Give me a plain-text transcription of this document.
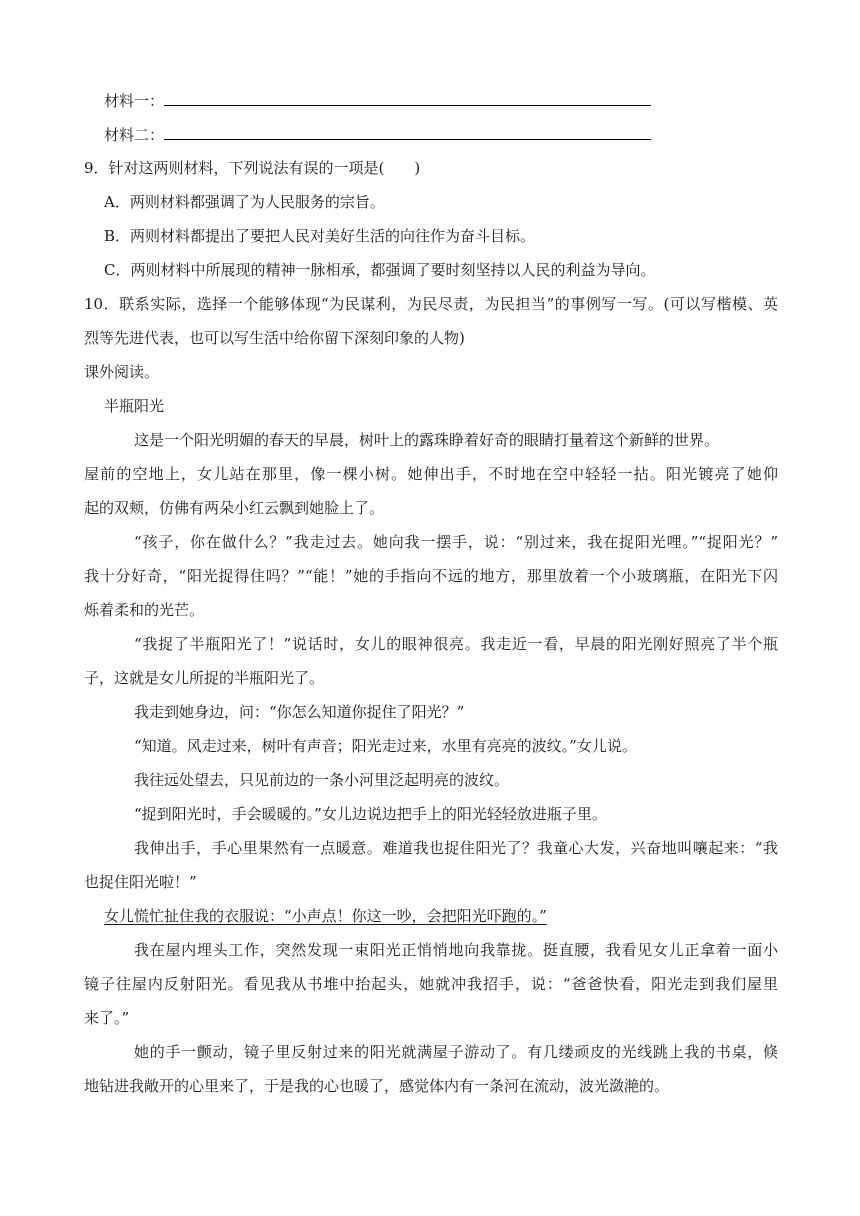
材料一：
材料二：
9．针对这两则材料，下列说法有误的一项是(　　)
A．两则材料都强调了为人民服务的宗旨。
B．两则材料都提出了要把人民对美好生活的向往作为奋斗目标。
C．两则材料中所展现的精神一脉相承，都强调了要时刻坚持以人民的利益为导向。
10．联系实际，选择一个能够体现“为民谋利，为民尽责，为民担当”的事例写一写。(可以写楷模、英
烈等先进代表，也可以写生活中给你留下深刻印象的人物)
课外阅读。
半瓶阳光
这是一个阳光明媚的春天的早晨，树叶上的露珠睁着好奇的眼睛打量着这个新鲜的世界。
屋前的空地上，女儿站在那里，像一棵小树。她伸出手，不时地在空中轻轻一拈。阳光镀亮了她仰
起的双颊，仿佛有两朵小红云飘到她脸上了。
“孩子，你在做什么？”我走过去。她向我一摆手，说：“别过来，我在捉阳光哩。”“捉阳光？”
我十分好奇，“阳光捉得住吗？”“能！”她的手指向不远的地方，那里放着一个小玻璃瓶，在阳光下闪
烁着柔和的光芒。
“我捉了半瓶阳光了！”说话时，女儿的眼神很亮。我走近一看，早晨的阳光刚好照亮了半个瓶
子，这就是女儿所捉的半瓶阳光了。
我走到她身边，问：“你怎么知道你捉住了阳光？”
“知道。风走过来，树叶有声音；阳光走过来，水里有亮亮的波纹。”女儿说。
我往远处望去，只见前边的一条小河里泛起明亮的波纹。
“捉到阳光时，手会暖暖的。”女儿边说边把手上的阳光轻轻放进瓶子里。
我伸出手，手心里果然有一点暖意。难道我也捉住阳光了？我童心大发，兴奋地叫嚷起来：“我
也捉住阳光啦！”
女儿慌忙扯住我的衣服说：“小声点！你这一吵，会把阳光吓跑的。”
我在屋内埋头工作，突然发现一束阳光正悄悄地向我靠拢。挺直腰，我看见女儿正拿着一面小
镜子往屋内反射阳光。看见我从书堆中抬起头，她就冲我招手，说：“爸爸快看，阳光走到我们屋里
来了。”
她的手一颤动，镜子里反射过来的阳光就满屋子游动了。有几缕顽皮的光线跳上我的书桌，倏
地钻进我敞开的心里来了，于是我的心也暖了，感觉体内有一条河在流动，波光潋滟的。
